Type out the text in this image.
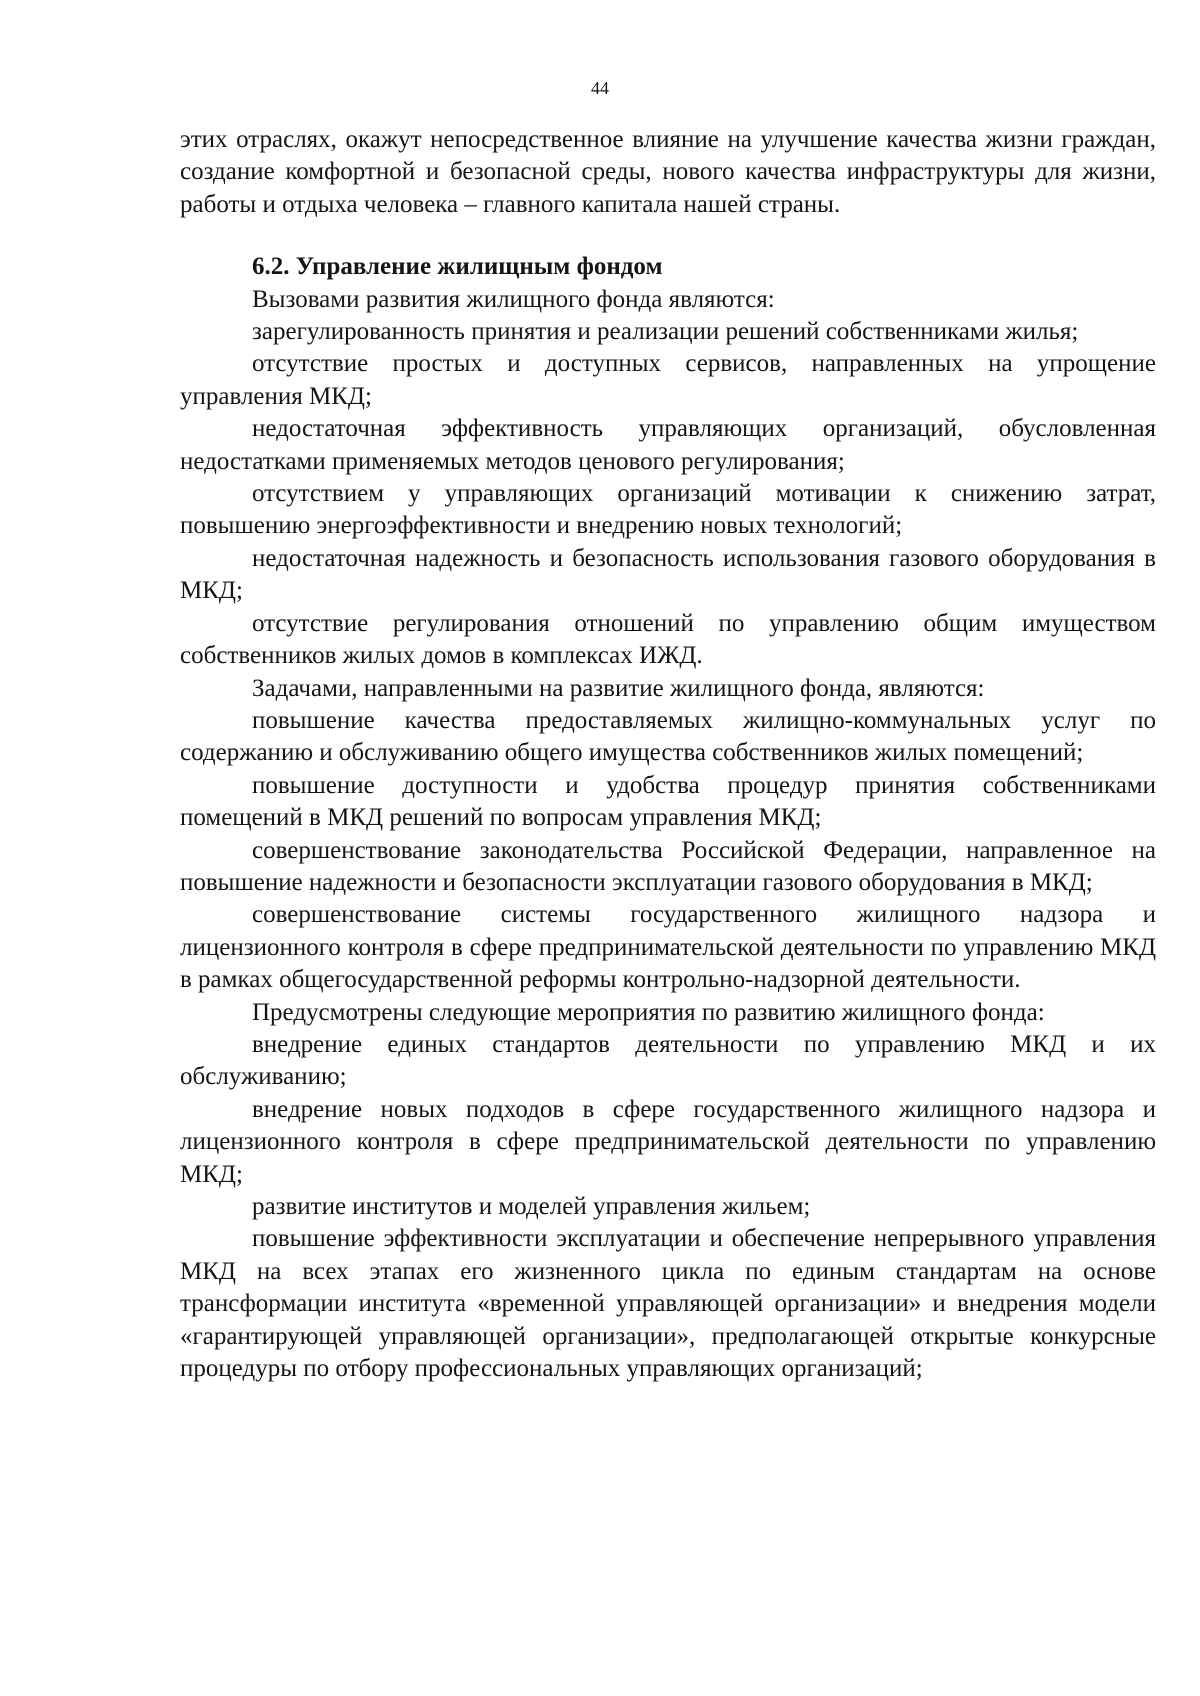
44

этих отраслях, окажут непосредственное влияние на улучшение качества жизни граждан, создание комфортной и безопасной среды, нового качества инфраструктуры для жизни, работы и отдыха человека – главного капитала нашей страны.

6.2. Управление жилищным фондом

Вызовами развития жилищного фонда являются:

зарегулированность принятия и реализации решений собственниками жилья;

отсутствие простых и доступных сервисов, направленных на упрощение управления МКД;

недостаточная эффективность управляющих организаций, обусловленная недостатками применяемых методов ценового регулирования;

отсутствием у управляющих организаций мотивации к снижению затрат, повышению энергоэффективности и внедрению новых технологий;

недостаточная надежность и безопасность использования газового оборудования в МКД;

отсутствие регулирования отношений по управлению общим имуществом собственников жилых домов в комплексах ИЖД.

Задачами, направленными на развитие жилищного фонда, являются:

повышение качества предоставляемых жилищно-коммунальных услуг по содержанию и обслуживанию общего имущества собственников жилых помещений;

повышение доступности и удобства процедур принятия собственниками помещений в МКД решений по вопросам управления МКД;

совершенствование законодательства Российской Федерации, направленное на повышение надежности и безопасности эксплуатации газового оборудования в МКД;

совершенствование системы государственного жилищного надзора и лицензионного контроля в сфере предпринимательской деятельности по управлению МКД в рамках общегосударственной реформы контрольно-надзорной деятельности.

Предусмотрены следующие мероприятия по развитию жилищного фонда:

внедрение единых стандартов деятельности по управлению МКД и их обслуживанию;

внедрение новых подходов в сфере государственного жилищного надзора и лицензионного контроля в сфере предпринимательской деятельности по управлению МКД;

развитие институтов и моделей управления жильем;

повышение эффективности эксплуатации и обеспечение непрерывного управления МКД на всех этапах его жизненного цикла по единым стандартам на основе трансформации института «временной управляющей организации» и внедрения модели «гарантирующей управляющей организации», предполагающей открытые конкурсные процедуры по отбору профессиональных управляющих организаций;
